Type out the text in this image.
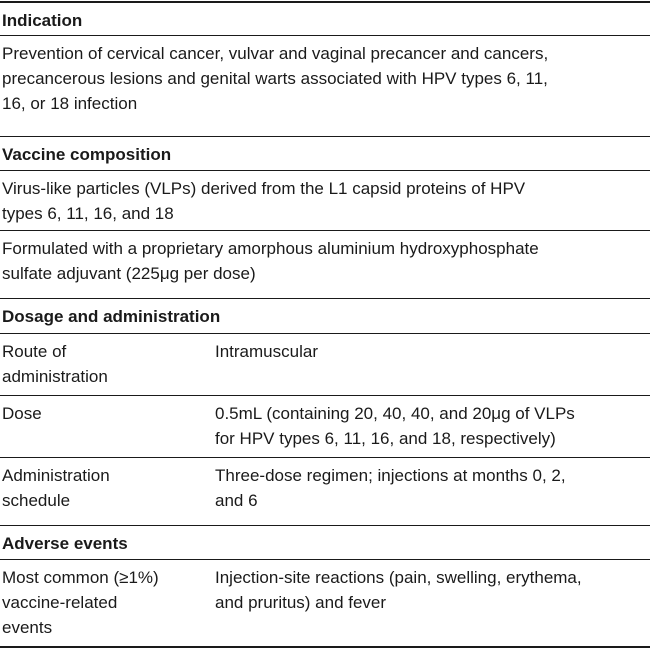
Indication
Prevention of cervical cancer, vulvar and vaginal precancer and cancers,
precancerous lesions and genital warts associated with HPV types 6, 11,
16, or 18 infection
Vaccine composition
Virus-like particles (VLPs) derived from the L1 capsid proteins of HPV
types 6, 11, 16, and 18
Formulated with a proprietary amorphous aluminium hydroxyphosphate
sulfate adjuvant (225μg per dose)
Dosage and administration
Route of
administration
Intramuscular
Dose	0.5mL (containing 20, 40, 40, and 20μg of VLPs
for HPV types 6, 11, 16, and 18, respectively)
Administration
schedule
Three-dose regimen; injections at months 0, 2,
and 6
Adverse events
Most common (≥1%)
vaccine-related
events
Injection-site reactions (pain, swelling, erythema,
and pruritus) and fever
